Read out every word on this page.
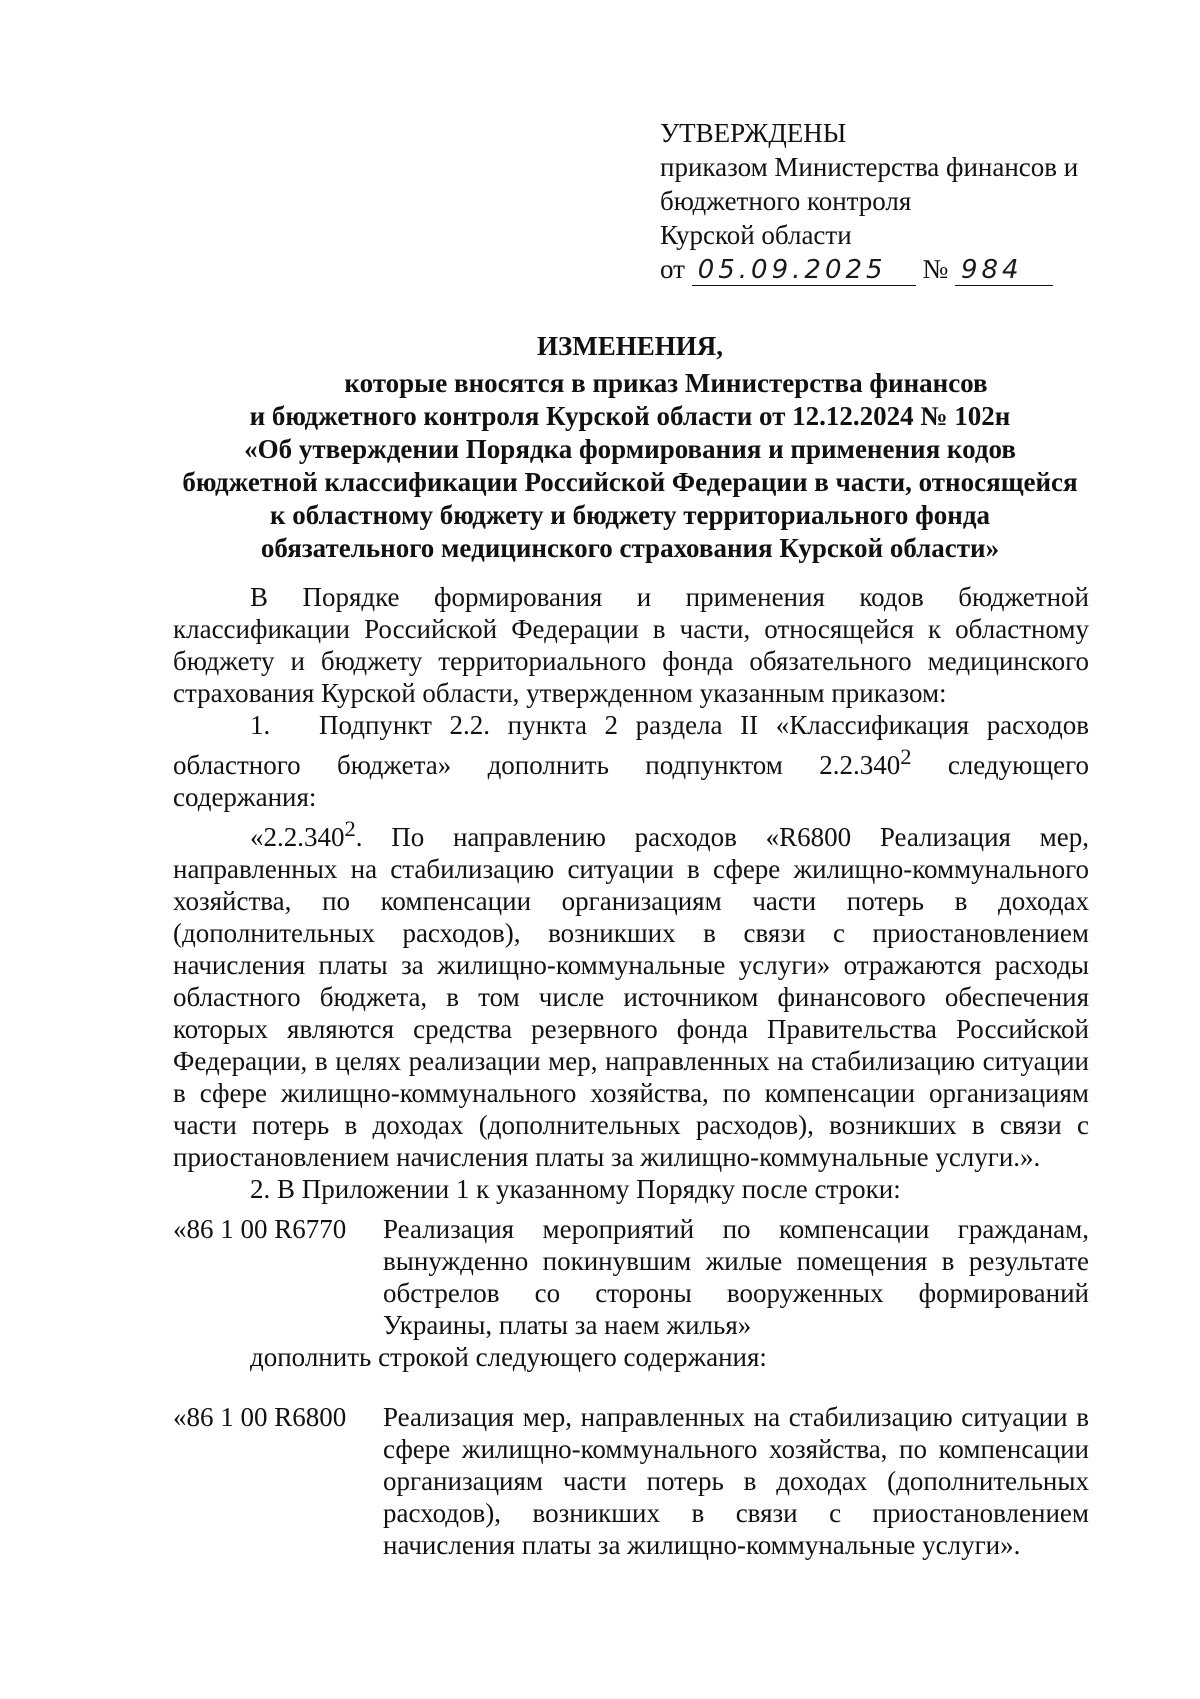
УТВЕРЖДЕНЫ
приказом Министерства финансов и
бюджетного контроля
Курской области
от 05.09.2025 № 984
ИЗМЕНЕНИЯ,
которые вносятся в приказ Министерства финансов
и бюджетного контроля Курской области от 12.12.2024 № 102н
«Об утверждении Порядка формирования и применения кодов
бюджетной классификации Российской Федерации в части, относящейся
к областному бюджету и бюджету территориального фонда
обязательного медицинского страхования Курской области»

В Порядке формирования и применения кодов бюджетной классификации Российской Федерации в части, относящейся к областному бюджету и бюджету территориального фонда обязательного медицинского страхования Курской области, утвержденном указанным приказом:

1. Подпункт 2.2. пункта 2 раздела II «Классификация расходов областного бюджета» дополнить подпунктом 2.2.340$^2$ следующего содержания:

«2.2.340$^2$. По направлению расходов «R6800 Реализация мер, направленных на стабилизацию ситуации в сфере жилищно-коммунального хозяйства, по компенсации организациям части потерь в доходах (дополнительных расходов), возникших в связи с приостановлением начисления платы за жилищно-коммунальные услуги» отражаются расходы областного бюджета, в том числе источником финансового обеспечения которых являются средства резервного фонда Правительства Российской Федерации, в целях реализации мер, направленных на стабилизацию ситуации в сфере жилищно-коммунального хозяйства, по компенсации организациям части потерь в доходах (дополнительных расходов), возникших в связи с приостановлением начисления платы за жилищно-коммунальные услуги.».

2. В Приложении 1 к указанному Порядку после строки:

«86 1 00 R6770	Реализация мероприятий по компенсации гражданам, вынужденно покинувшим жилые помещения в результате обстрелов со стороны вооруженных формирований Украины, платы за наем жилья»

дополнить строкой следующего содержания:

«86 1 00 R6800	Реализация мер, направленных на стабилизацию ситуации в сфере жилищно-коммунального хозяйства, по компенсации организациям части потерь в доходах (дополнительных расходов), возникших в связи с приостановлением начисления платы за жилищно-коммунальные услуги».
